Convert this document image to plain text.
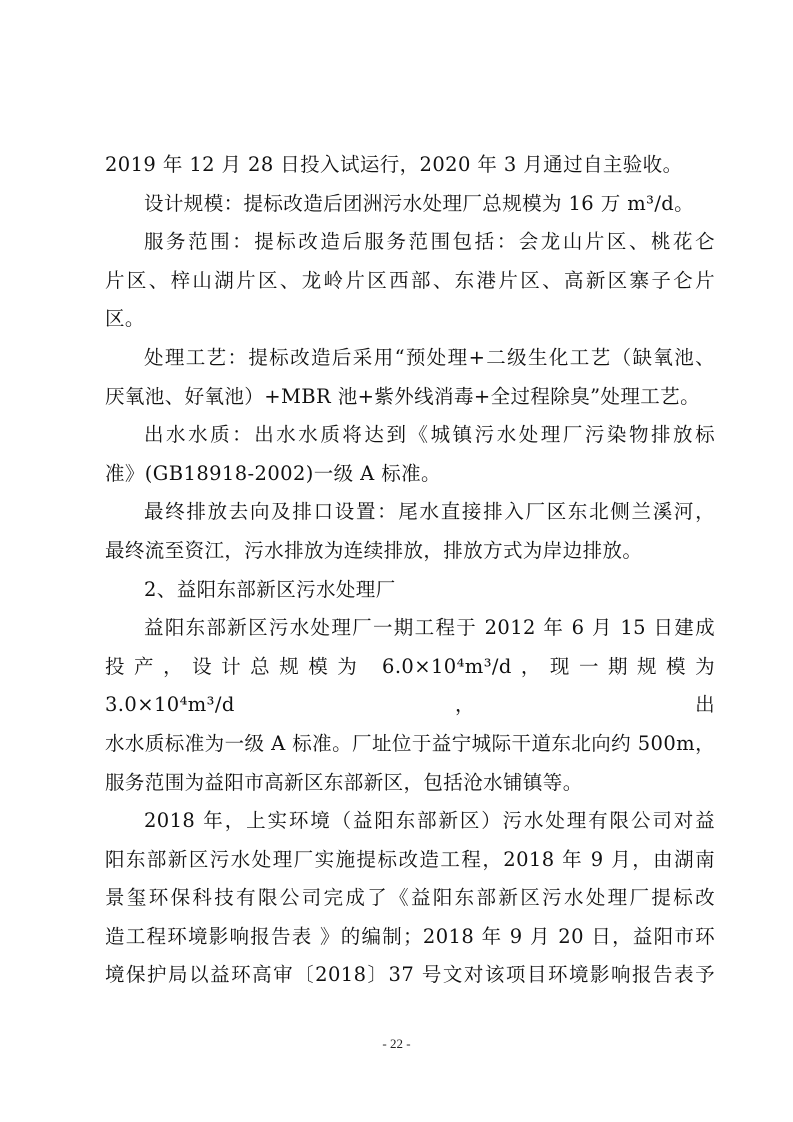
2019 年 12 月 28 日投入试运行，2020 年 3 月通过自主验收。

设计规模：提标改造后团洲污水处理厂总规模为 16 万 m³/d。

服务范围：提标改造后服务范围包括：会龙山片区、桃花仑

片区、梓山湖片区、龙岭片区西部、东港片区、高新区寨子仑片

区。

处理工艺：提标改造后采用“预处理+二级生化工艺（缺氧池、

厌氧池、好氧池）+MBR 池+紫外线消毒+全过程除臭”处理工艺。

出水水质：出水水质将达到《城镇污水处理厂污染物排放标

准》(GB18918-2002)一级 A 标准。

最终排放去向及排口设置：尾水直接排入厂区东北侧兰溪河，

最终流至资江，污水排放为连续排放，排放方式为岸边排放。

2、益阳东部新区污水处理厂

益阳东部新区污水处理厂一期工程于 2012 年 6 月 15 日建成

投产，设计总规模为 6.0×10⁴m³/d，现一期规模为 3.0×10⁴m³/d，出

水水质标准为一级 A 标准。厂址位于益宁城际干道东北向约 500m，

服务范围为益阳市高新区东部新区，包括沧水铺镇等。

2018 年，上实环境（益阳东部新区）污水处理有限公司对益

阳东部新区污水处理厂实施提标改造工程，2018 年 9 月，由湖南

景玺环保科技有限公司完成了《益阳东部新区污水处理厂提标改

造工程环境影响报告表 》的编制；2018 年 9 月 20 日，益阳市环

境保护局以益环高审〔2018〕37 号文对该项目环境影响报告表予

- 22 -
